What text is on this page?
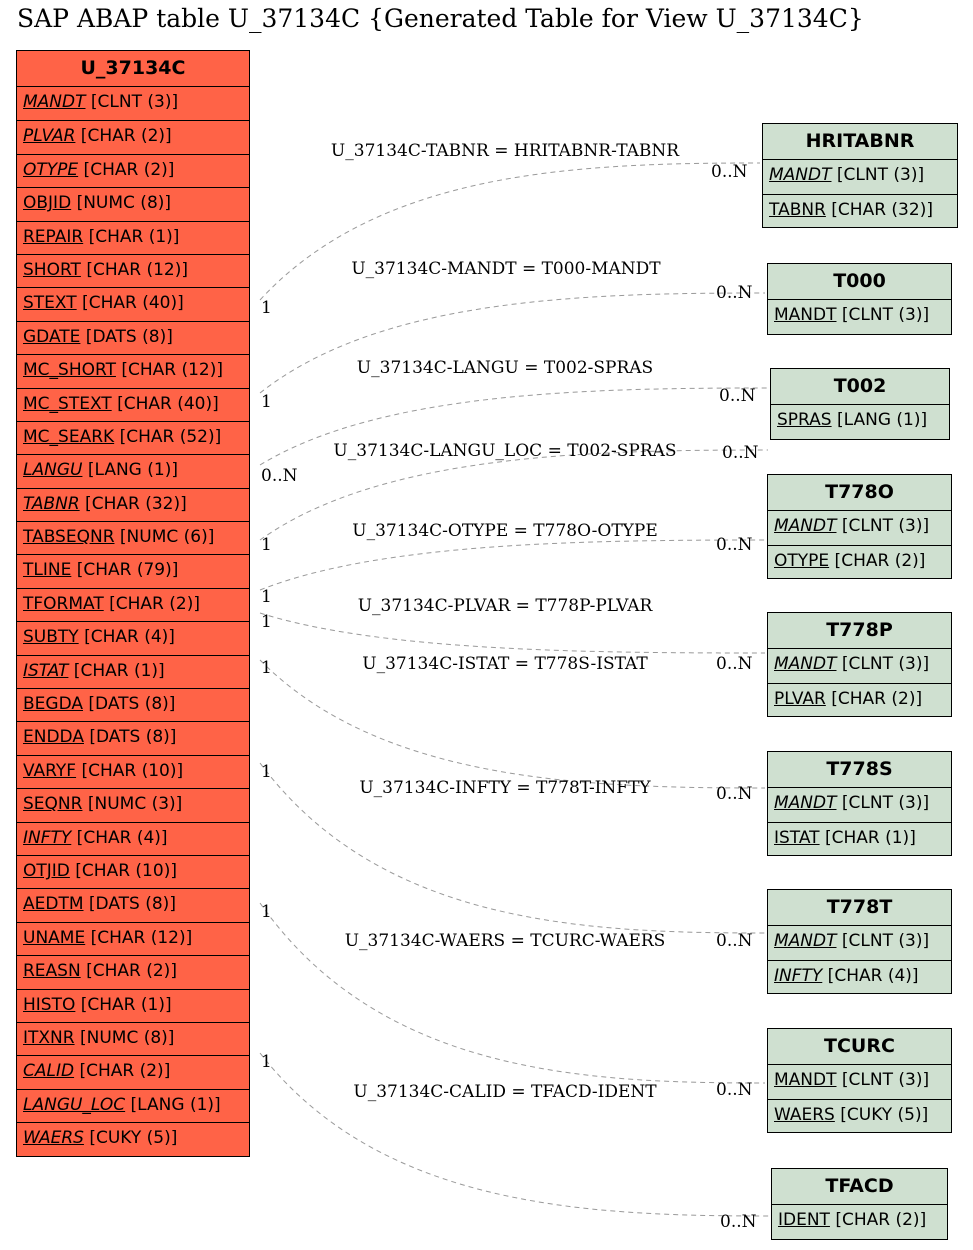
SAP ABAP table U_37134C {Generated Table for View U_37134C}
U_37134C
MANDT [CLNT (3)]
PLVAR [CHAR (2)]
OTYPE [CHAR (2)]
OBJID [NUMC (8)]
REPAIR [CHAR (1)]
SHORT [CHAR (12)]
STEXT [CHAR (40)]
GDATE [DATS (8)]
MC_SHORT [CHAR (12)]
MC_STEXT [CHAR (40)]
MC_SEARK [CHAR (52)]
LANGU [LANG (1)]
TABNR [CHAR (32)]
TABSEQNR [NUMC (6)]
TLINE [CHAR (79)]
TFORMAT [CHAR (2)]
SUBTY [CHAR (4)]
ISTAT [CHAR (1)]
BEGDA [DATS (8)]
ENDDA [DATS (8)]
VARYF [CHAR (10)]
SEQNR [NUMC (3)]
INFTY [CHAR (4)]
OTJID [CHAR (10)]
AEDTM [DATS (8)]
UNAME [CHAR (12)]
REASN [CHAR (2)]
HISTO [CHAR (1)]
ITXNR [NUMC (8)]
CALID [CHAR (2)]
LANGU_LOC [LANG (1)]
WAERS [CUKY (5)]
HRITABNR
MANDT [CLNT (3)]
TABNR [CHAR (32)]
T000
MANDT [CLNT (3)]
T002
SPRAS [LANG (1)]
T778O
MANDT [CLNT (3)]
OTYPE [CHAR (2)]
T778P
MANDT [CLNT (3)]
PLVAR [CHAR (2)]
T778S
MANDT [CLNT (3)]
ISTAT [CHAR (1)]
T778T
MANDT [CLNT (3)]
INFTY [CHAR (4)]
TCURC
MANDT [CLNT (3)]
WAERS [CUKY (5)]
TFACD
IDENT [CHAR (2)]
U_37134C-TABNR = HRITABNR-TABNR
1
0..N
U_37134C-MANDT = T000-MANDT
1
0..N
U_37134C-LANGU = T002-SPRAS
0..N
0..N
U_37134C-LANGU_LOC = T002-SPRAS
1
0..N
U_37134C-OTYPE = T778O-OTYPE
1
0..N
U_37134C-PLVAR = T778P-PLVAR
1
0..N
U_37134C-ISTAT = T778S-ISTAT
1
0..N
U_37134C-INFTY = T778T-INFTY
1
0..N
U_37134C-WAERS = TCURC-WAERS
1
0..N
U_37134C-CALID = TFACD-IDENT
1
0..N
